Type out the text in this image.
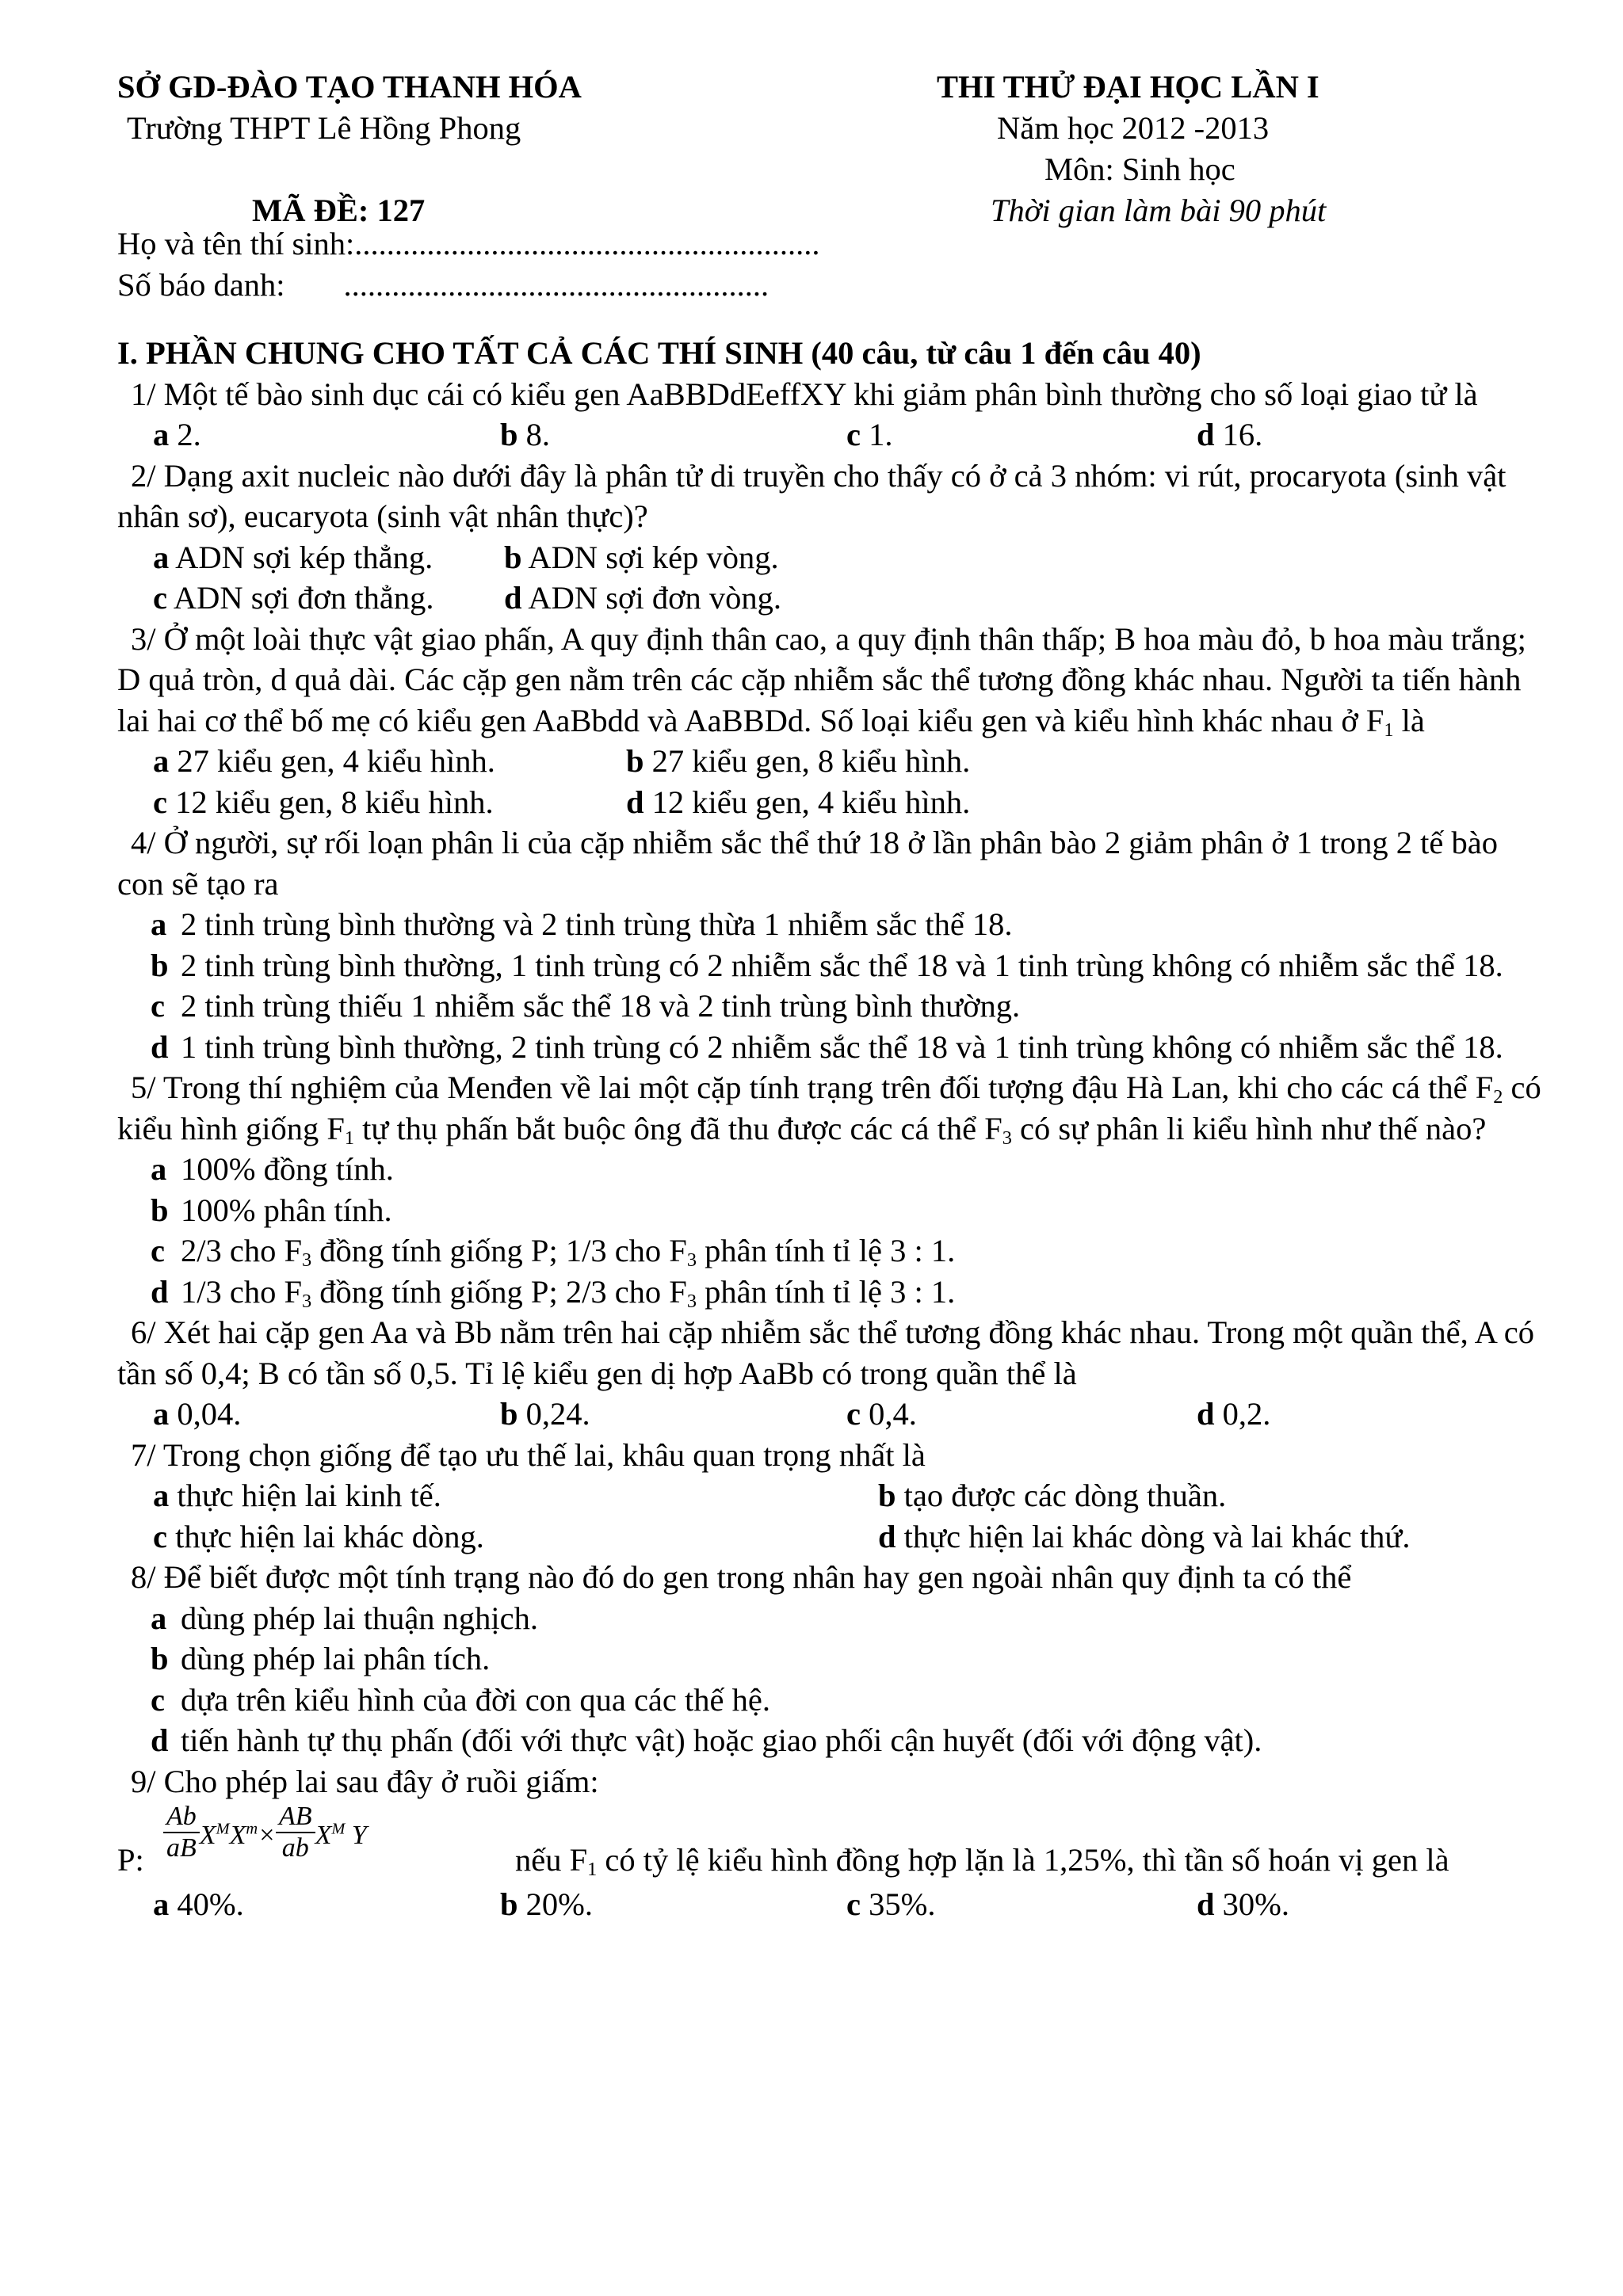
SỞ GD-ĐÀO TẠO THANH HÓA
Trường THPT Lê Hồng Phong
MÃ ĐỀ: 127
THI THỬ ĐẠI HỌC LẦN I
Năm học 2012 -2013
Môn: Sinh học
Thời gian làm bài 90 phút
Họ và tên thí sinh:..........................................................
Số báo danh: .....................................................
I. PHẦN CHUNG CHO TẤT CẢ CÁC THÍ SINH (40 câu, từ câu 1 đến câu 40)
1/ Một tế bào sinh dục cái có kiểu gen AaBBDdEeffXY khi giảm phân bình thường cho số loại giao tử là
a 2.	b 8.	c 1.	d 16.
2/ Dạng axit nucleic nào dưới đây là phân tử di truyền cho thấy có ở cả 3 nhóm: vi rút, procaryota (sinh vật nhân sơ), eucaryota (sinh vật nhân thực)?
a ADN sợi kép thẳng. b ADN sợi kép vòng.
c ADN sợi đơn thẳng. d ADN sợi đơn vòng.
3/ Ở một loài thực vật giao phấn, A quy định thân cao, a quy định thân thấp; B hoa màu đỏ, b hoa màu trắng; D quả tròn, d quả dài. Các cặp gen nằm trên các cặp nhiễm sắc thể tương đồng khác nhau. Người ta tiến hành lai hai cơ thể bố mẹ có kiểu gen AaBbdd và AaBBDd. Số loại kiểu gen và kiểu hình khác nhau ở $F_1$ là
a 27 kiểu gen, 4 kiểu hình.	b 27 kiểu gen, 8 kiểu hình.
c 12 kiểu gen, 8 kiểu hình.	d 12 kiểu gen, 4 kiểu hình.
4/ Ở người, sự rối loạn phân li của cặp nhiễm sắc thể thứ 18 ở lần phân bào 2 giảm phân ở 1 trong 2 tế bào con sẽ tạo ra
a 2 tinh trùng bình thường và 2 tinh trùng thừa 1 nhiễm sắc thể 18.
b 2 tinh trùng bình thường, 1 tinh trùng có 2 nhiễm sắc thể 18 và 1 tinh trùng không có nhiễm sắc thể 18.
c 2 tinh trùng thiếu 1 nhiễm sắc thể 18 và 2 tinh trùng bình thường.
d 1 tinh trùng bình thường, 2 tinh trùng có 2 nhiễm sắc thể 18 và 1 tinh trùng không có nhiễm sắc thể 18.
5/ Trong thí nghiệm của Menđen về lai một cặp tính trạng trên đối tượng đậu Hà Lan, khi cho các cá thể $F_2$ có kiểu hình giống $F_1$ tự thụ phấn bắt buộc ông đã thu được các cá thể $F_3$ có sự phân li kiểu hình như thế nào?
a 100% đồng tính.
b 100% phân tính.
c 2/3 cho $F_3$ đồng tính giống P; 1/3 cho $F_3$ phân tính tỉ lệ 3 : 1.
d 1/3 cho $F_3$ đồng tính giống P; 2/3 cho $F_3$ phân tính tỉ lệ 3 : 1.
6/ Xét hai cặp gen Aa và Bb nằm trên hai cặp nhiễm sắc thể tương đồng khác nhau. Trong một quần thể, A có tần số 0,4; B có tần số 0,5. Tỉ lệ kiểu gen dị hợp AaBb có trong quần thể là
a 0,04.	b 0,24.	c 0,4.	d 0,2.
7/ Trong chọn giống để tạo ưu thế lai, khâu quan trọng nhất là
a thực hiện lai kinh tế.	b tạo được các dòng thuần.
c thực hiện lai khác dòng.	d thực hiện lai khác dòng và lai khác thứ.
8/ Để biết được một tính trạng nào đó do gen trong nhân hay gen ngoài nhân quy định ta có thể
a dùng phép lai thuận nghịch.
b dùng phép lai phân tích.
c dựa trên kiểu hình của đời con qua các thế hệ.
d tiến hành tự thụ phấn (đối với thực vật) hoặc giao phối cận huyết (đối với động vật).
9/ Cho phép lai sau đây ở ruồi giấm:
P: $\frac{Ab}{aB} X^MX^m\times \frac{AB}{ab} X^M$ Y
nếu $F_1$ có tỷ lệ kiểu hình đồng hợp lặn là 1,25%, thì tần số hoán vị gen là
a 40%.	b 20%.	c 35%.	d 30%.
